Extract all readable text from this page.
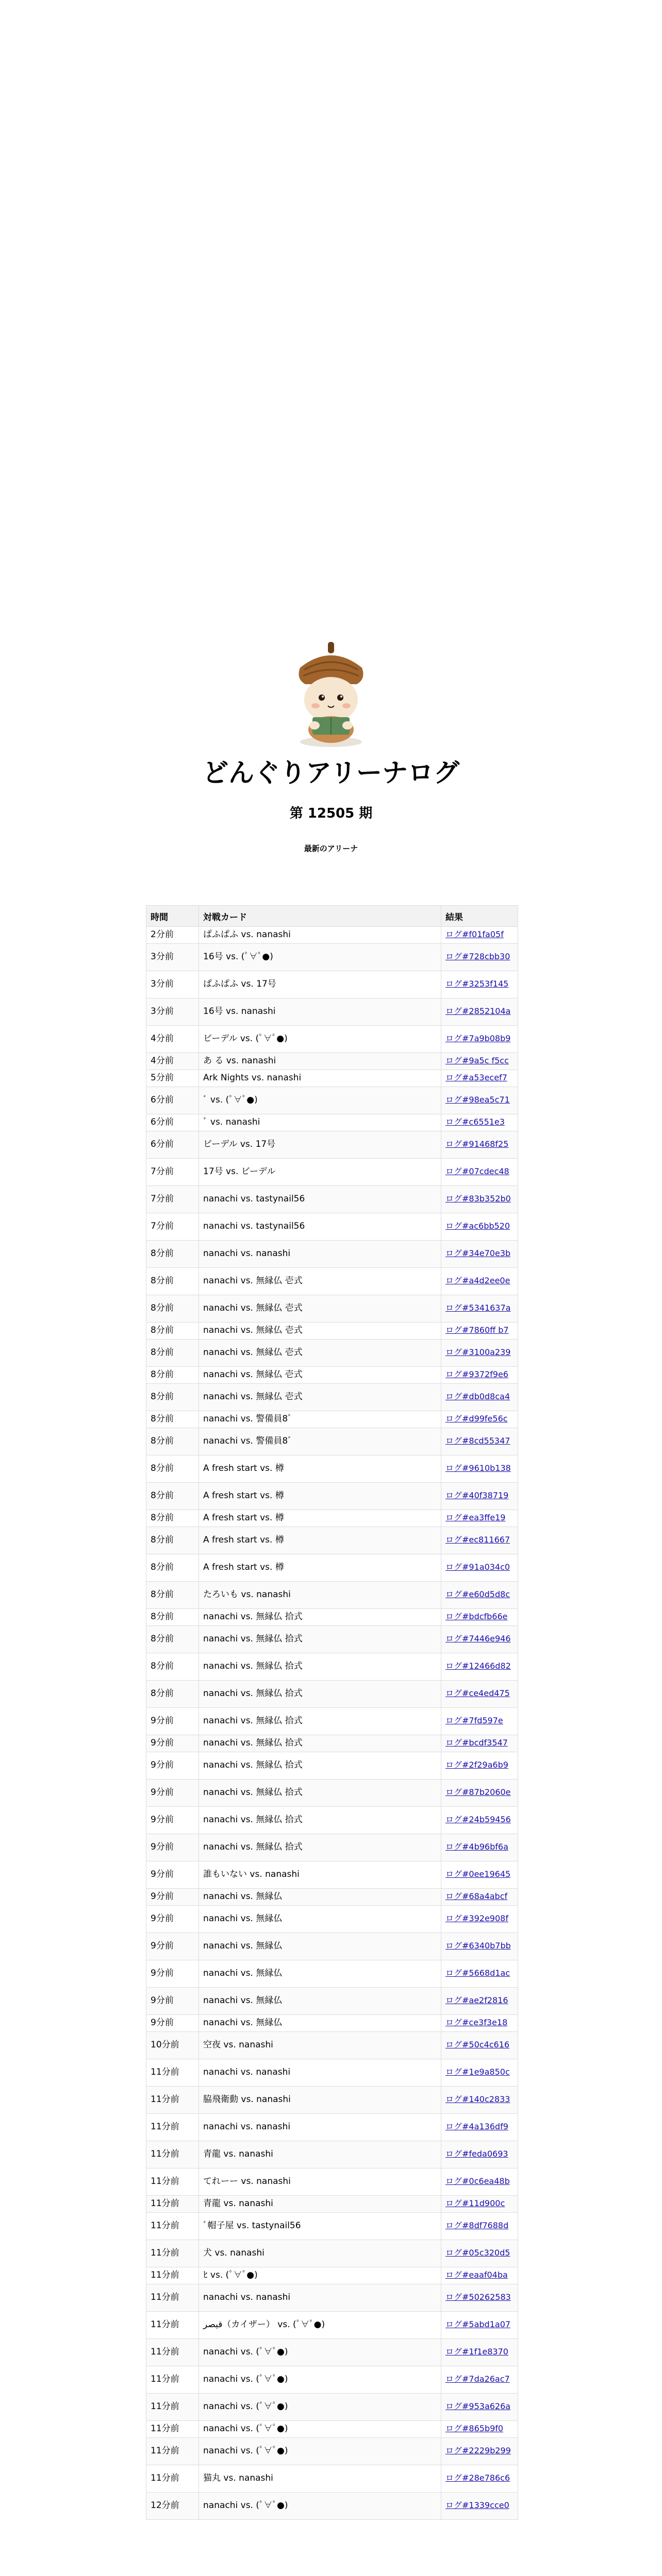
どんぐりアリーナログ
第 12505 期
最新のアリーナ
時間	対戦カード	結果
2分前	ぱふぱふ vs. nanashi	ログ#f01fa05f
3分前	16号 vs. (ﾟ∀ﾟ●)	ログ#728cbb30
3分前	ぱふぱふ vs. 17号	ログ#3253f145
3分前	16号 vs. nanashi	ログ#2852104a
4分前	ビーデル vs. (ﾟ∀ﾟ●)	ログ#7a9b08b9
4分前	あ る vs. nanashi	ログ#9a5c f5cc
5分前	Ark Nights vs. nanashi	ログ#a53ecef7
6分前	ﾞ vs. (ﾟ∀ﾟ●)	ログ#98ea5c71
6分前	ﾞ vs. nanashi	ログ#c6551e3
6分前	ビーデル vs. 17号	ログ#91468f25
7分前	17号 vs. ビーデル	ログ#07cdec48
7分前	nanachi vs. tastynail56	ログ#83b352b0
7分前	nanachi vs. tastynail56	ログ#ac6bb520
8分前	nanachi vs. nanashi	ログ#34e70e3b
8分前	nanachi vs. 無縁仏 壱式	ログ#a4d2ee0e
8分前	nanachi vs. 無縁仏 壱式	ログ#5341637a
8分前	nanachi vs. 無縁仏 壱式	ログ#7860ff b7
8分前	nanachi vs. 無縁仏 壱式	ログ#3100a239
8分前	nanachi vs. 無縁仏 壱式	ログ#9372f9e6
8分前	nanachi vs. 無縁仏 壱式	ログ#db0d8ca4
8分前	nanachi vs. 警備員8ﾞ	ログ#d99fe56c
8分前	nanachi vs. 警備員8ﾞ	ログ#8cd55347
8分前	A fresh start vs. 樽	ログ#9610b138
8分前	A fresh start vs. 樽	ログ#40f38719
8分前	A fresh start vs. 樽	ログ#ea3ffe19
8分前	A fresh start vs. 樽	ログ#ec811667
8分前	A fresh start vs. 樽	ログ#91a034c0
8分前	たろいも vs. nanashi	ログ#e60d5d8c
8分前	nanachi vs. 無縁仏 拾式	ログ#bdcfb66e
8分前	nanachi vs. 無縁仏 拾式	ログ#7446e946
8分前	nanachi vs. 無縁仏 拾式	ログ#12466d82
8分前	nanachi vs. 無縁仏 拾式	ログ#ce4ed475
9分前	nanachi vs. 無縁仏 拾式	ログ#7fd597e
9分前	nanachi vs. 無縁仏 拾式	ログ#bcdf3547
9分前	nanachi vs. 無縁仏 拾式	ログ#2f29a6b9
9分前	nanachi vs. 無縁仏 拾式	ログ#87b2060e
9分前	nanachi vs. 無縁仏 拾式	ログ#24b59456
9分前	nanachi vs. 無縁仏 拾式	ログ#4b96bf6a
9分前	誰もいない vs. nanashi	ログ#0ee19645
9分前	nanachi vs. 無縁仏	ログ#68a4abcf
9分前	nanachi vs. 無縁仏	ログ#392e908f
9分前	nanachi vs. 無縁仏	ログ#6340b7bb
9分前	nanachi vs. 無縁仏	ログ#5668d1ac
9分前	nanachi vs. 無縁仏	ログ#ae2f2816
9分前	nanachi vs. 無縁仏	ログ#ce3f3e18
10分前	空夜 vs. nanashi	ログ#50c4c616
11分前	nanachi vs. nanashi	ログ#1e9a850c
11分前	脇飛衛動 vs. nanashi	ログ#140c2833
11分前	nanachi vs. nanashi	ログ#4a136df9
11分前	青龍 vs. nanashi	ログ#feda0693
11分前	てれーー vs. nanashi	ログ#0c6ea48b
11分前	青龍 vs. nanashi	ログ#11d900c
11分前	ﾞ帽子屋 vs. tastynail56	ログ#8df7688d
11分前	犬 vs. nanashi	ログ#05c320d5
11分前	ﾋ vs. (ﾟ∀ﾟ●)	ログ#eaaf04ba
11分前	nanachi vs. nanashi	ログ#50262583
11分前	قيصر（カイザー） vs. (ﾟ∀ﾟ●)	ログ#5abd1a07
11分前	nanachi vs. (ﾟ∀ﾟ●)	ログ#1f1e8370
11分前	nanachi vs. (ﾟ∀ﾟ●)	ログ#7da26ac7
11分前	nanachi vs. (ﾟ∀ﾟ●)	ログ#953a626a
11分前	nanachi vs. (ﾟ∀ﾟ●)	ログ#865b9f0
11分前	nanachi vs. (ﾟ∀ﾟ●)	ログ#2229b299
11分前	猫丸 vs. nanashi	ログ#28e786c6
12分前	nanachi vs. (ﾟ∀ﾟ●)	ログ#1339cce0
